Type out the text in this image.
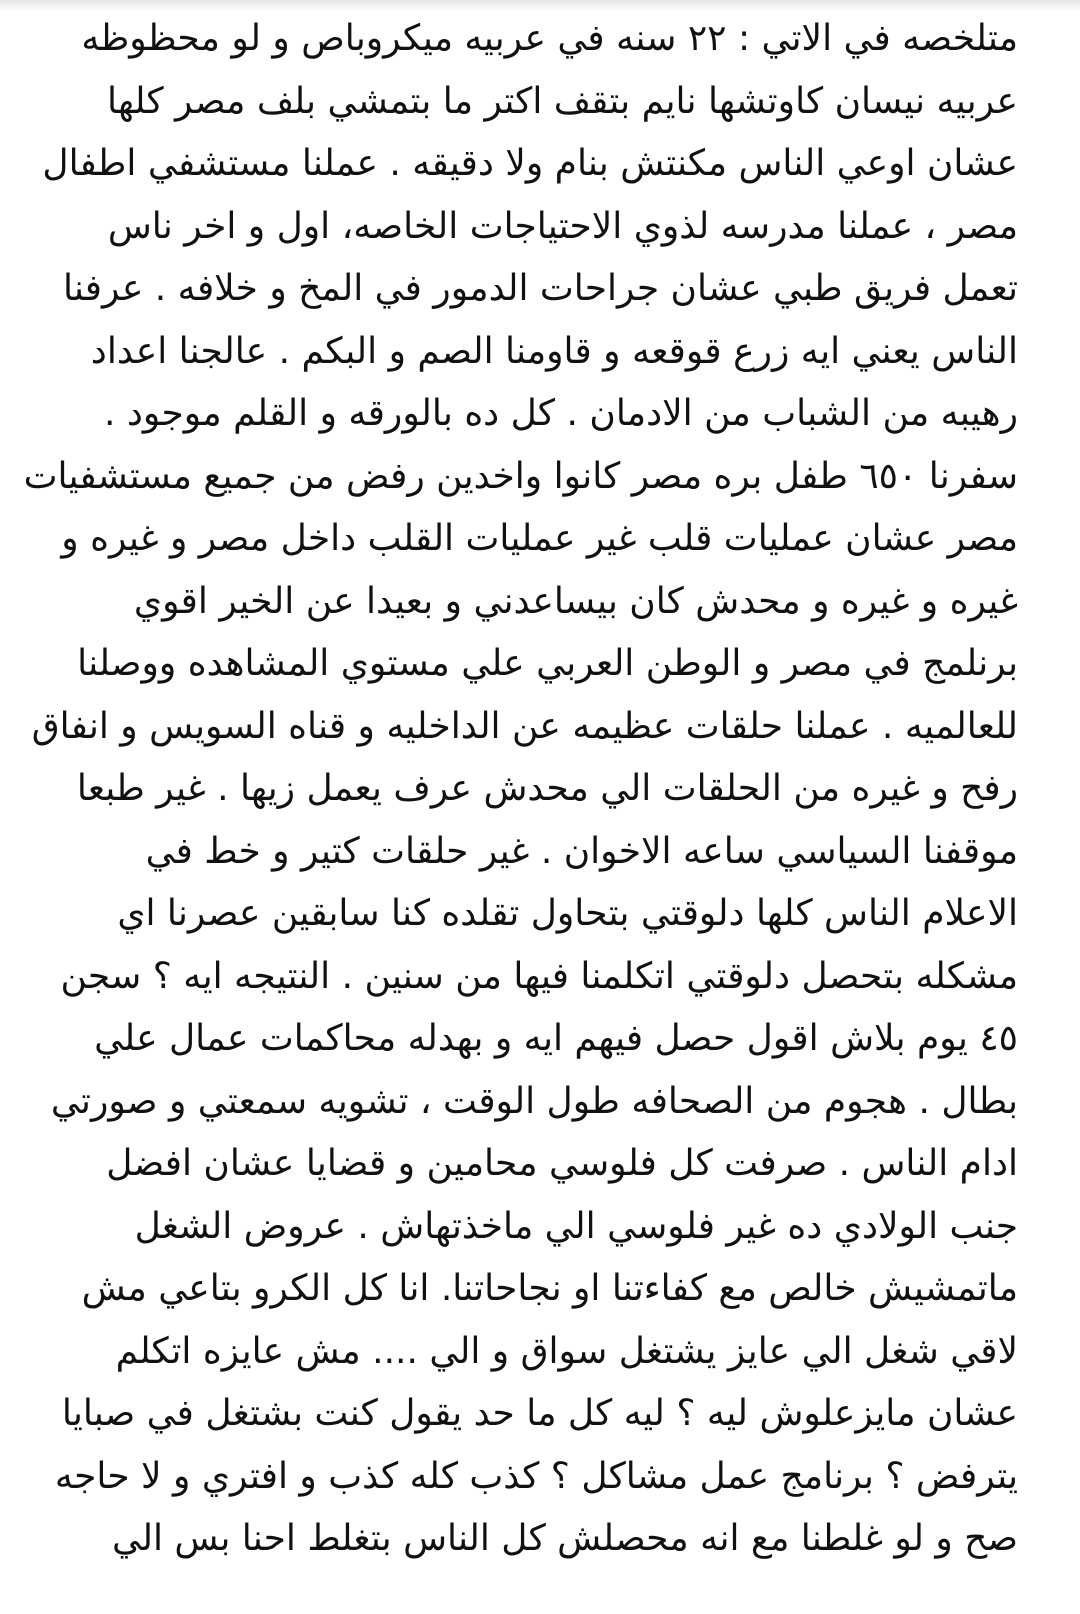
متلخصه في الاتي : ٢٢ سنه في عربيه ميكروباص و لو محظوظه
عربيه نيسان كاوتشها نايم بتقف اكتر ما بتمشي بلف مصر كلها
عشان اوعي الناس مكنتش بنام ولا دقيقه . عملنا مستشفي اطفال
مصر ، عملنا مدرسه لذوي الاحتياجات الخاصه، اول و اخر ناس
تعمل فريق طبي عشان جراحات الدمور في المخ و خلافه . عرفنا
الناس يعني ايه زرع قوقعه و قاومنا الصم و البكم . عالجنا اعداد
رهيبه من الشباب من الادمان . كل ده بالورقه و القلم موجود .
سفرنا ٦٥٠ طفل بره مصر كانوا واخدين رفض من جميع مستشفيات
مصر عشان عمليات قلب غير عمليات القلب داخل مصر و غيره و
غيره و غيره و محدش كان بيساعدني و بعيدا عن الخير اقوي
برنلمج في مصر و الوطن العربي علي مستوي المشاهده ووصلنا
للعالميه . عملنا حلقات عظيمه عن الداخليه و قناه السويس و انفاق
رفح و غيره من الحلقات الي محدش عرف يعمل زيها . غير طبعا
موقفنا السياسي ساعه الاخوان . غير حلقات كتير و خط في
الاعلام الناس كلها دلوقتي بتحاول تقلده كنا سابقين عصرنا اي
مشكله بتحصل دلوقتي اتكلمنا فيها من سنين . النتيجه ايه ؟ سجن
٤٥ يوم بلاش اقول حصل فيهم ايه و بهدله محاكمات عمال علي
بطال . هجوم من الصحافه طول الوقت ، تشويه سمعتي و صورتي
ادام الناس . صرفت كل فلوسي محامين و قضايا عشان افضل
جنب الولادي ده غير فلوسي الي ماخذتهاش . عروض الشغل
ماتمشيش خالص مع كفاءتنا او نجاحاتنا. انا كل الكرو بتاعي مش
لاقي شغل الي عايز يشتغل سواق و الي .... مش عايزه اتكلم
عشان مايزعلوش ليه ؟ ليه كل ما حد يقول كنت بشتغل في صبايا
يترفض ؟ برنامج عمل مشاكل ؟ كذب كله كذب و افتري و لا حاجه
صح و لو غلطنا مع انه محصلش كل الناس بتغلط احنا بس الي
